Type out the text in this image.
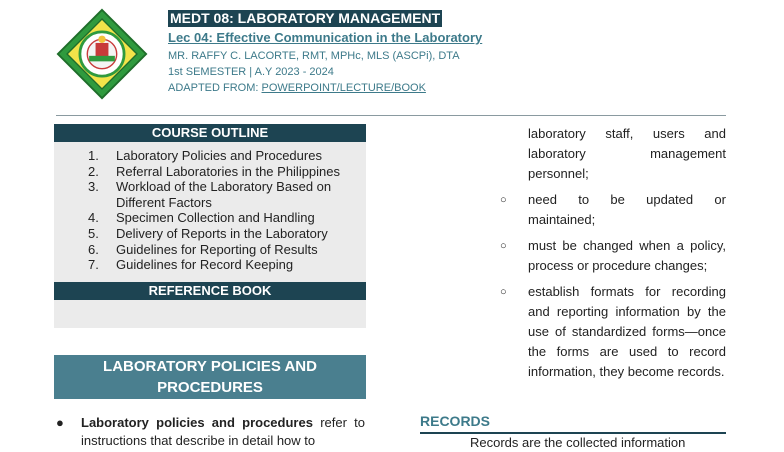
MEDT 08: LABORATORY MANAGEMENT
Lec 04: Effective Communication in the Laboratory
MR. RAFFY C. LACORTE, RMT, MPHc, MLS (ASCPi), DTA
1st SEMESTER | A.Y 2023 - 2024
ADAPTED FROM: POWERPOINT/LECTURE/BOOK
COURSE OUTLINE
1. Laboratory Policies and Procedures
2. Referral Laboratories in the Philippines
3. Workload of the Laboratory Based on Different Factors
4. Specimen Collection and Handling
5. Delivery of Reports in the Laboratory
6. Guidelines for Reporting of Results
7. Guidelines for Record Keeping
REFERENCE BOOK
LABORATORY POLICIES AND PROCEDURES
● Laboratory policies and procedures refer to instructions that describe in detail how to
laboratory staff, users and laboratory management personnel;
○ need to be updated or maintained;
○ must be changed when a policy, process or procedure changes;
○ establish formats for recording and reporting information by the use of standardized forms—once the forms are used to record information, they become records.
RECORDS
Records are the collected information
